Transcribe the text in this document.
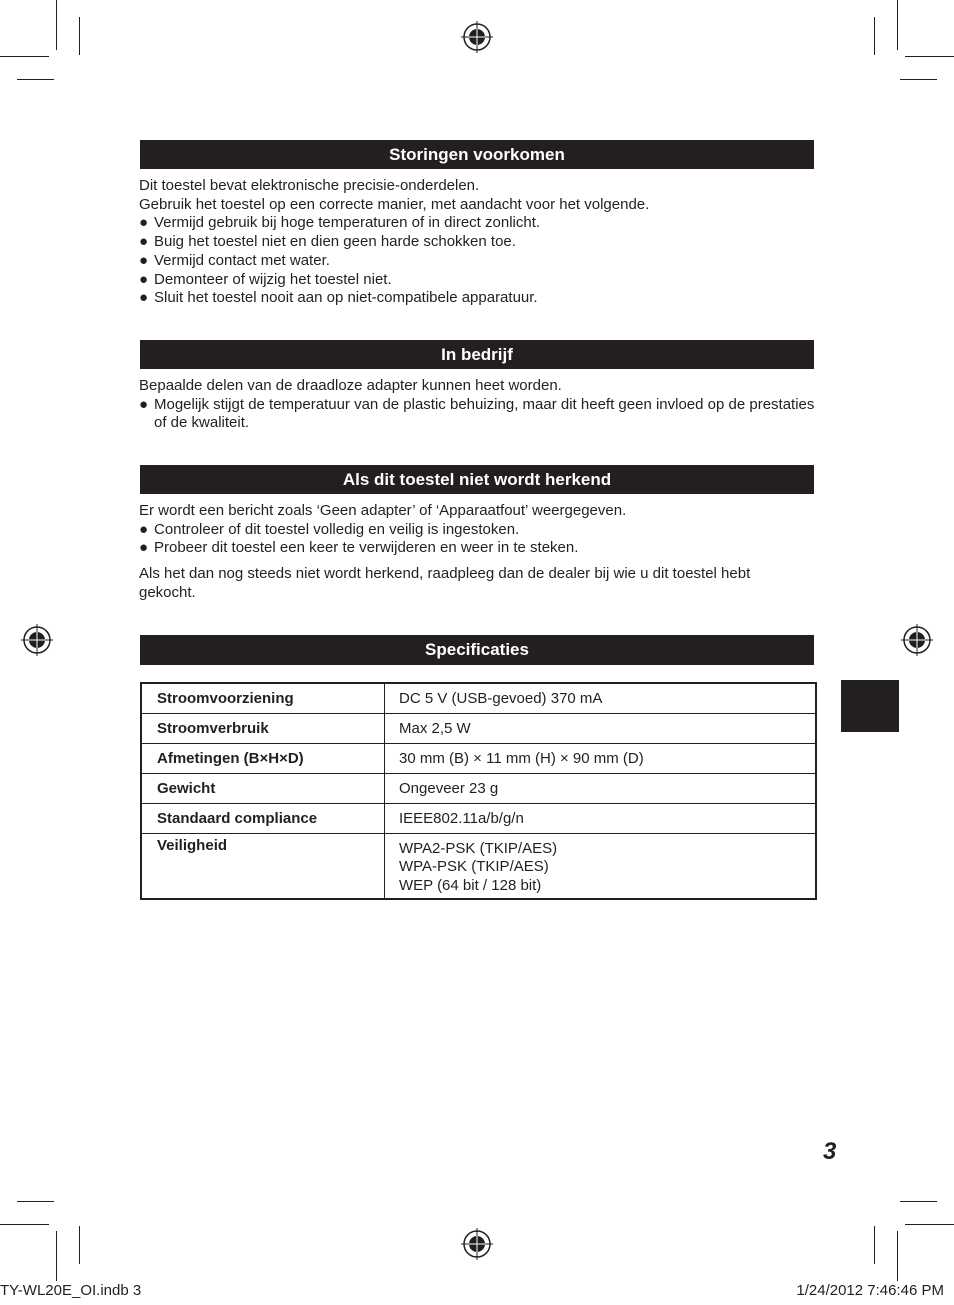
Storingen voorkomen

Dit toestel bevat elektronische precisie-onderdelen.

Gebruik het toestel op een correcte manier, met aandacht voor het volgende.

● Vermijd gebruik bij hoge temperaturen of in direct zonlicht.
● Buig het toestel niet en dien geen harde schokken toe.
● Vermijd contact met water.
● Demonteer of wijzig het toestel niet.
● Sluit het toestel nooit aan op niet-compatibele apparatuur.
In bedrijf

Bepaalde delen van de draadloze adapter kunnen heet worden.

● Mogelijk stijgt de temperatuur van de plastic behuizing, maar dit heeft geen invloed op de prestaties of de kwaliteit.
Als dit toestel niet wordt herkend

Er wordt een bericht zoals ‘Geen adapter’ of ‘Apparaatfout’ weergegeven.

● Controleer of dit toestel volledig en veilig is ingestoken.
● Probeer dit toestel een keer te verwijderen en weer in te steken.

Als het dan nog steeds niet wordt herkend, raadpleeg dan de dealer bij wie u dit toestel hebt gekocht.

Specificaties
Stroomvoorziening	DC 5 V (USB-gevoed) 370 mA
Stroomverbruik	Max 2,5 W
Afmetingen (B×H×D)	30 mm (B) × 11 mm (H) × 90 mm (D)
Gewicht	Ongeveer 23 g
Standaard compliance	IEEE802.11a/b/g/n
Veiligheid	WPA2-PSK (TKIP/AES)
WPA-PSK (TKIP/AES)
WEP (64 bit / 128 bit)
3
TY-WL20E_OI.indb 3	1/24/2012 7:46:46 PM
